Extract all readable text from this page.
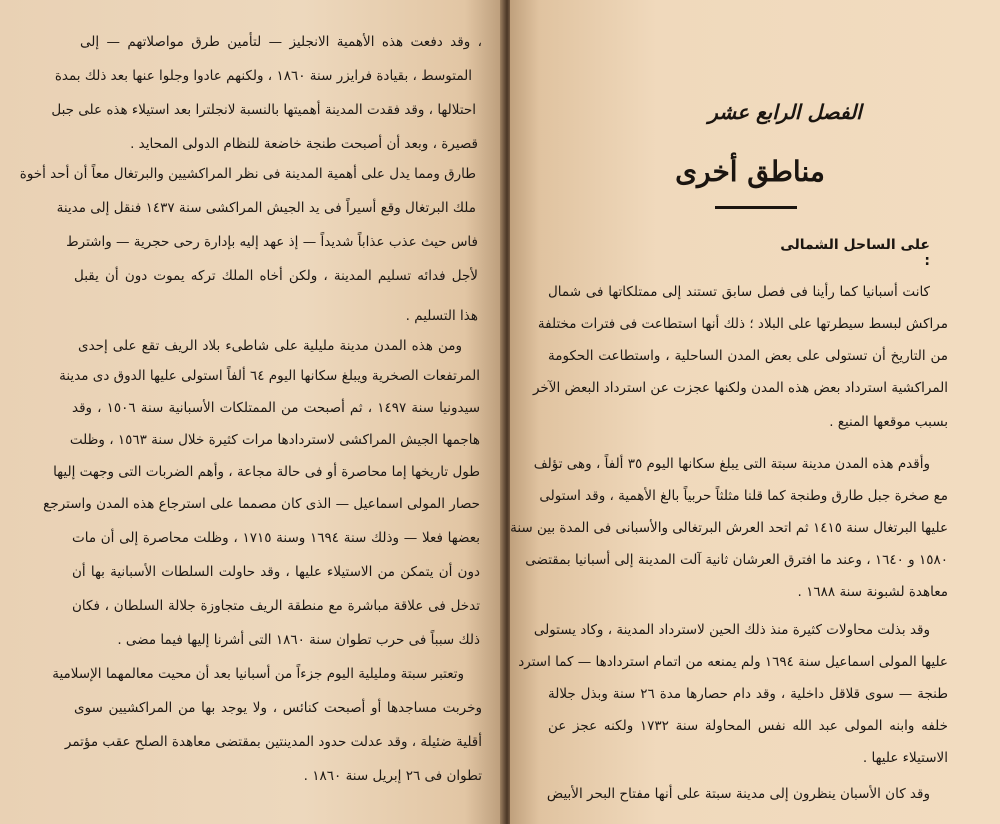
، وقد دفعت هذه الأهمية الانجليز — لتأمين طرق مواصلاتهم — إلى
المتوسط ، بقيادة فرايزر سنة ١٨٦٠ ، ولكنهم عادوا وجلوا عنها بعد ذلك بمدة
احتلالها ، وقد فقدت المدينة أهميتها بالنسبة لانجلترا بعد استيلاء هذه على جبل
قصيرة ، وبعد أن أصبحت طنجة خاضعة للنظام الدولى المحايد .
طارق ومما يدل على أهمية المدينة فى نظر المراكشيين والبرتغال معاً أن أحد أخوة
ملك البرتغال وقع أسيراً فى يد الجيش المراكشى سنة ١٤٣٧ فنقل إلى مدينة
فاس حيث عذب عذاباً شديداً — إذ عهد إليه بإدارة رحى حجرية — واشترط
لأجل فدائه تسليم المدينة ، ولكن أخاه الملك تركه يموت دون أن يقبل
هذا التسليم .
ومن هذه المدن مدينة مليلية على شاطىء بلاد الريف تقع على إحدى
المرتفعات الصخرية ويبلغ سكانها اليوم ٦٤ ألفاً استولى عليها الدوق دى مدينة
سيدونيا سنة ١٤٩٧ ، ثم أصبحت من الممتلكات الأسبانية سنة ١٥٠٦ ، وقد
هاجمها الجيش المراكشى لاستردادها مرات كثيرة خلال سنة ١٥٦٣ ، وظلت
طول تاريخها إما محاصرة أو فى حالة مجاعة ، وأهم الضربات التى وجهت إليها
حصار المولى اسماعيل — الذى كان مصمما على استرجاع هذه المدن واسترجع
بعضها فعلا — وذلك سنة ١٦٩٤ وسنة ١٧١٥ ، وظلت محاصرة إلى أن مات
دون أن يتمكن من الاستيلاء عليها ، وقد حاولت السلطات الأسبانية بها أن
تدخل فى علاقة مباشرة مع منطقة الريف متجاوزة جلالة السلطان ، فكان
ذلك سبباً فى حرب تطوان سنة ١٨٦٠ التى أشرنا إليها فيما مضى .
وتعتبر سبتة ومليلية اليوم جزءاً من أسبانيا بعد أن محيت معالمهما الإسلامية
وخربت مساجدها أو أصبحت كنائس ، ولا يوجد بها من المراكشيين سوى
أقلية ضئيلة ، وقد عدلت حدود المدينتين بمقتضى معاهدة الصلح عقب مؤتمر
تطوان فى ٢٦ إبريل سنة ١٨٦٠ .
الفصل الرابع عشر
مناطق أخرى
على الساحل الشمالى :
كانت أسبانيا كما رأينا فى فصل سابق تستند إلى ممتلكاتها فى شمال
مراكش لبسط سيطرتها على البلاد ؛ ذلك أنها استطاعت فى فترات مختلفة
من التاريخ أن تستولى على بعض المدن الساحلية ، واستطاعت الحكومة
المراكشية استرداد بعض هذه المدن ولكنها عجزت عن استرداد البعض الآخر
بسبب موقعها المنيع .
وأقدم هذه المدن مدينة سبتة التى يبلغ سكانها اليوم ٣٥ ألفاً ، وهى تؤلف
مع صخرة جبل طارق وطنجة كما قلنا مثلثاً حربياً بالغ الأهمية ، وقد استولى
عليها البرتغال سنة ١٤١٥ ثم اتحد العرش البرتغالى والأسبانى فى المدة بين سنة
١٥٨٠ و ١٦٤٠ ، وعند ما افترق العرشان ثانية آلت المدينة إلى أسبانيا بمقتضى
معاهدة لشبونة سنة ١٦٨٨ .
وقد بذلت محاولات كثيرة منذ ذلك الحين لاسترداد المدينة ، وكاد يستولى
عليها المولى اسماعيل سنة ١٦٩٤ ولم يمنعه من اتمام استردادها — كما استرد
طنجة — سوى قلاقل داخلية ، وقد دام حصارها مدة ٢٦ سنة وبذل جلالة
خلفه وابنه المولى عبد الله نفس المحاولة سنة ١٧٣٢ ولكنه عجز عن
الاستيلاء عليها .
وقد كان الأسبان ينظرون إلى مدينة سبتة على أنها مفتاح البحر الأبيض
